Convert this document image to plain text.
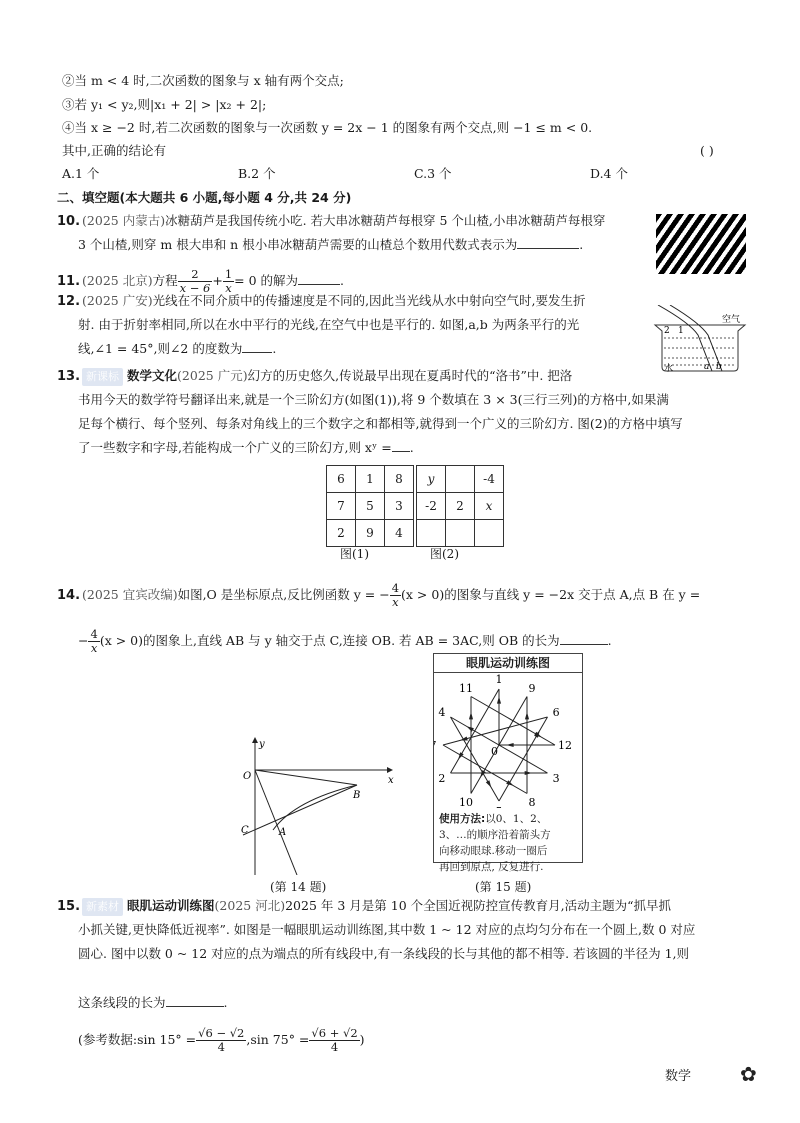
②当 m < 4 时,二次函数的图象与 x 轴有两个交点;
③若 y₁ < y₂,则|x₁ + 2| > |x₂ + 2|;
④当 x ≥ −2 时,若二次函数的图象与一次函数 y = 2x − 1 的图象有两个交点,则 −1 ≤ m < 0.
其中,正确的结论有	( )
A.1 个	B.2 个	C.3 个	D.4 个
二、填空题(本大题共 6 小题,每小题 4 分,共 24 分)
10. (2025 内蒙古)冰糖葫芦是我国传统小吃. 若大串冰糖葫芦每根穿 5 个山楂,小串冰糖葫芦每根穿
3 个山楂,则穿 m 根大串和 n 根小串冰糖葫芦需要的山楂总个数用代数式表示为	.
11. (2025 北京)方程 $\frac{2}{x - 6} + \frac{1}{x} = 0$ 的解为	.
12. (2025 广安)光线在不同介质中的传播速度是不同的,因此当光线从水中射向空气时,要发生折
射. 由于折射率相同,所以在水中平行的光线,在空气中也是平行的. 如图,a,b 为两条平行的光
线,∠1 = 45°,则∠2 的度数为 .
2 1
空气
水	a b
13. 新课标 数学文化(2025 广元)幻方的历史悠久,传说最早出现在夏禹时代的“洛书”中. 把洛
书用今天的数学符号翻译出来,就是一个三阶幻方(如图(1)),将 9 个数填在 3 × 3(三行三列)的方格中,如果满
足每个横行、每个竖列、每条对角线上的三个数字之和都相等,就得到一个广义的三阶幻方. 图(2)的方格中填写
了一些数字和字母,若能构成一个广义的三阶幻方,则 xʸ = .
6	1	8
7	5	3
2	9	4
y		-4
-2	2	x

图(1)	图(2)
14. (2025 宜宾改编)如图,O 是坐标原点,反比例函数 y = − $\frac{4}{x} (x > 0)$的图象与直线 y = −2x 交于点 A,点 B 在 y =
− $\frac{4}{x} (x > 0)$的图象上,直线 AB 与 y 轴交于点 C,连接 OB. 若 AB = 3AC,则 OB 的长为	.
O	x
y
A
B
C
(第 14 题)
眼肌运动训练图
1
9
6
12
3
8
10
2
4
11
0
使用方法:以0、1、2、
3、…的顺序沿着箭头方
向移动眼球.移动一圈后
再回到原点, 反复进行.
(第 15 题)
15. 新素材 眼肌运动训练图(2025 河北)2025 年 3 月是第 10 个全国近视防控宣传教育月,活动主题为“抓早抓
小抓关键,更快降低近视率”. 如图是一幅眼肌运动训练图,其中数 1 ~ 12 对应的点均匀分布在一个圆上,数 0 对应
圆心. 图中以数 0 ~ 12 对应的点为端点的所有线段中,有一条线段的长与其他的都不相等. 若该圆的半径为 1,则
这条线段的长为	.
(参考数据:sin $15^\circ = \frac{√6 - √2}{4} ,\sin$ $75^\circ = \frac{√6 + √2}{4}$ )
数学 ✿
